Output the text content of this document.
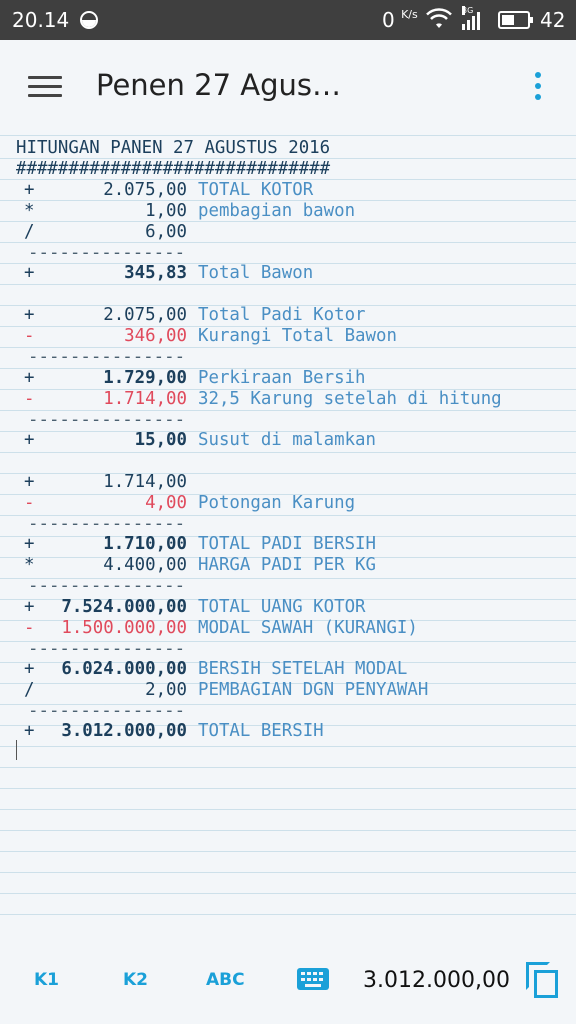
20.14	0 $^{K/s}$	3G	42
Penen 27 Agus…
HITUNGAN PANEN 27 AGUSTUS 2016
##############################
+	2.075,00 TOTAL KOTOR
*	1,00 pembagian bawon
/	6,00
+	345,83 Total Bawon
+	2.075,00 Total Padi Kotor
-	346,00 Kurangi Total Bawon
+	1.729,00 Perkiraan Bersih
-	1.714,00 32,5 Karung setelah di hitung
+	15,00 Susut di malamkan
+	1.714,00
-	4,00 Potongan Karung
+	1.710,00 TOTAL PADI BERSIH
*	4.400,00 HARGA PADI PER KG
+	7.524.000,00 TOTAL UANG KOTOR
-	1.500.000,00 MODAL SAWAH (KURANGI)
+	6.024.000,00 BERSIH SETELAH MODAL
/	2,00 PEMBAGIAN DGN PENYAWAH
+	3.012.000,00 TOTAL BERSIH
---------------
---------------
---------------
---------------
---------------
---------------
---------------
K1	K2	ABC	3.012.000,00
